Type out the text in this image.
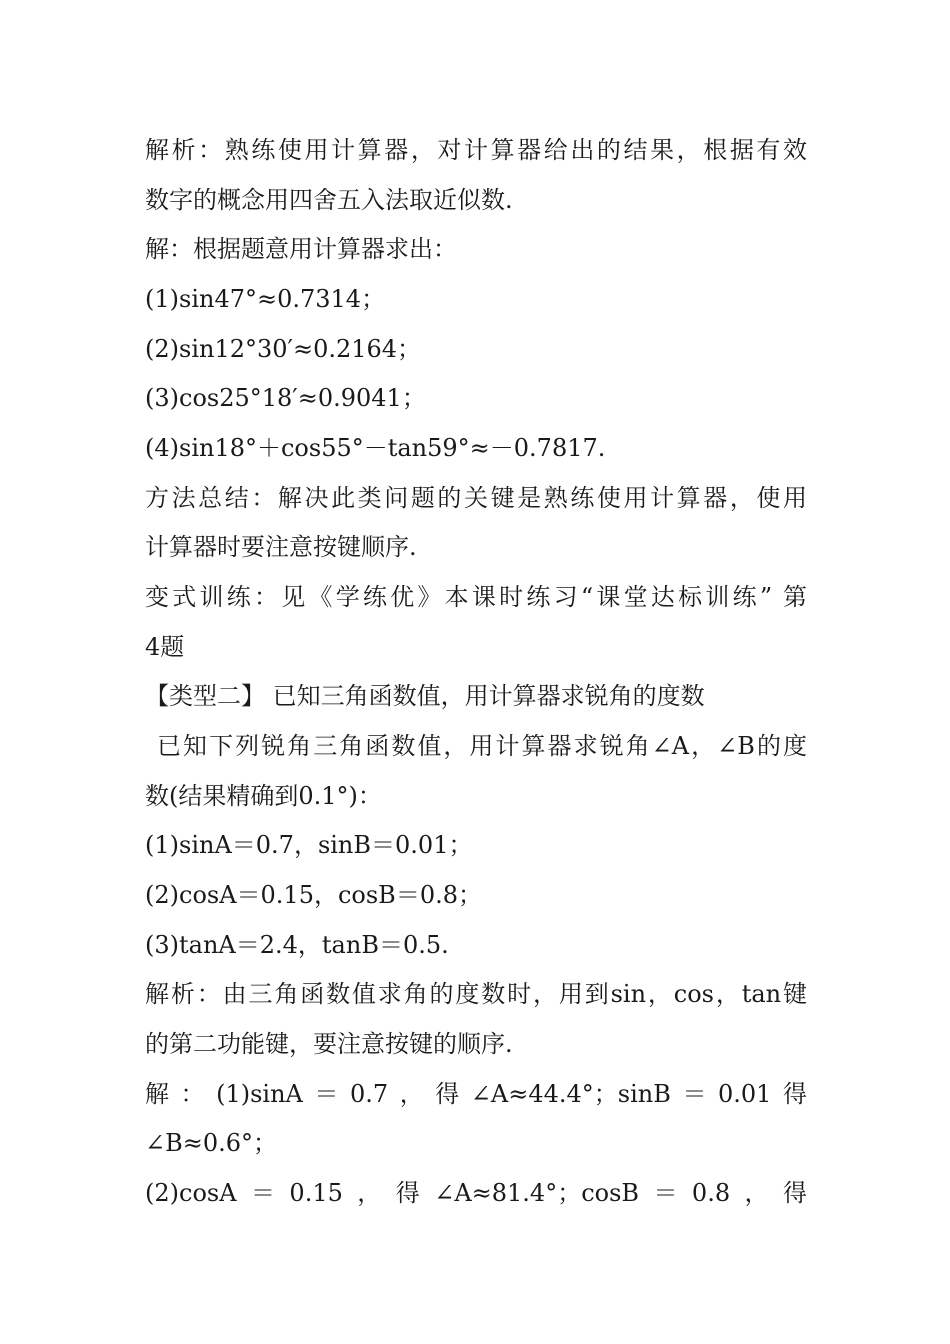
解析：熟练使用计算器，对计算器给出的结果，根据有效
数字的概念用四舍五入法取近似数.
解：根据题意用计算器求出：
(1)sin47°≈0.7314；
(2)sin12°30′≈0.2164；
(3)cos25°18′≈0.9041；
(4)sin18°＋cos55°－tan59°≈－0.7817.
方法总结：解决此类问题的关键是熟练使用计算器，使用
计算器时要注意按键顺序.
变式训练：见《学练优》本课时练习“课堂达标训练” 第
4题
【类型二】 已知三角函数值，用计算器求锐角的度数
已知下列锐角三角函数值，用计算器求锐角∠A，∠B的度
数(结果精确到0.1°)：
(1)sinA＝0.7，sinB＝0.01；
(2)cosA＝0.15，cosB＝0.8；
(3)tanA＝2.4，tanB＝0.5.
解析：由三角函数值求角的度数时，用到sin，cos，tan键
的第二功能键，要注意按键的顺序.
解：(1)sinA＝0.7，得∠A≈44.4°；sinB＝0.01得
∠B≈0.6°；
(2)cosA＝0.15，得∠A≈81.4°；cosB＝0.8，得
